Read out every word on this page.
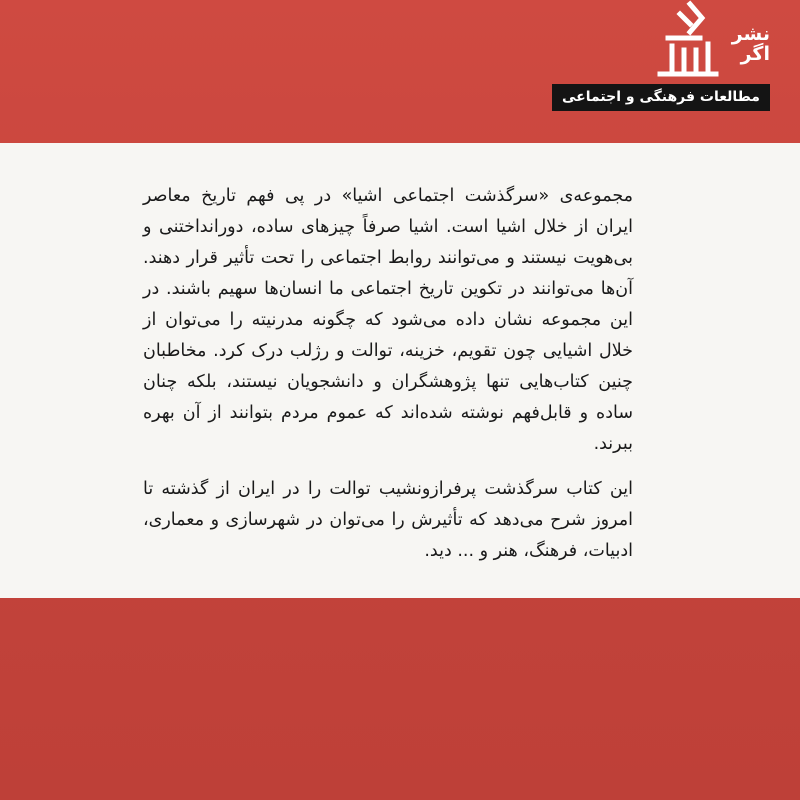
نشر
اگر
مطالعات فرهنگی و اجتماعی

مجموعه‌ی «سرگذشت اجتماعی اشیا» در پی فهم تاریخ معاصر ایران از خلال اشیا است. اشیا صرفاً چیزهای ساده، دورانداختنی و بی‌هویت نیستند و می‌توانند روابط اجتماعی را تحت تأثیر قرار دهند. آن‌ها می‌توانند در تکوین تاریخ اجتماعی ما انسان‌ها سهیم باشند. در این مجموعه نشان داده می‌شود که چگونه مدرنیته را می‌توان از خلال اشیایی چون تقویم، خزینه، توالت و رژلب درک کرد. مخاطبان چنین کتاب‌هایی تنها پژوهشگران و دانشجویان نیستند، بلکه چنان ساده و قابل‌فهم نوشته شده‌اند که عموم مردم بتوانند از آن بهره ببرند.

این کتاب سرگذشت پرفرازونشیب توالت را در ایران از گذشته تا امروز شرح می‌دهد که تأثیرش را می‌توان در شهرسازی و معماری، ادبیات، فرهنگ، هنر و ... دید.
